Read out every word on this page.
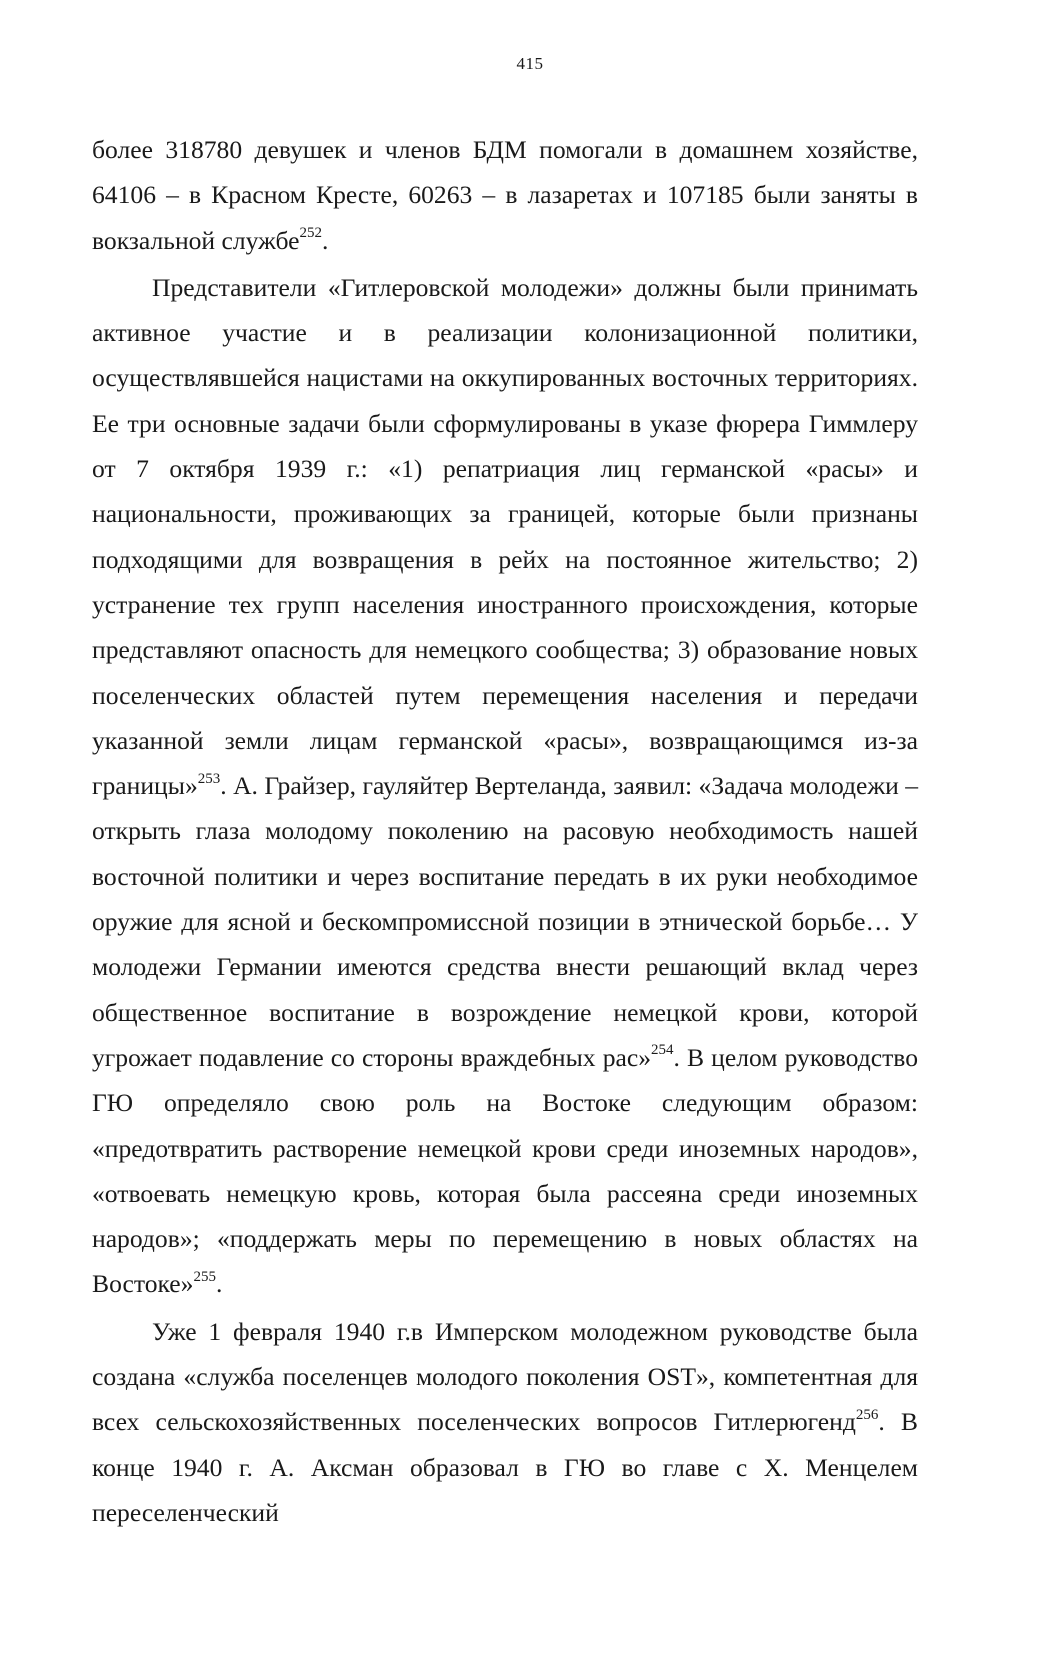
415

более 318780 девушек и членов БДМ помогали в домашнем хозяйстве, 64106 – в Красном Кресте, 60263 – в лазаретах и 107185 были заняты в вокзальной службе$^{252}$.

Представители «Гитлеровской молодежи» должны были принимать активное участие и в реализации колонизационной политики, осуществлявшейся нацистами на оккупированных восточных территориях. Ее три основные задачи были сформулированы в указе фюрера Гиммлеру от 7 октября 1939 г.: «1) репатриация лиц германской «расы» и национальности, проживающих за границей, которые были признаны подходящими для возвращения в рейх на постоянное жительство; 2) устранение тех групп населения иностранного происхождения, которые представляют опасность для немецкого сообщества; 3) образование новых поселенческих областей путем перемещения населения и передачи указанной земли лицам германской «расы», возвращающимся из-за границы»$^{253}$. А. Грайзер, гауляйтер Вертеланда, заявил: «Задача молодежи – открыть глаза молодому поколению на расовую необходимость нашей восточной политики и через воспитание передать в их руки необходимое оружие для ясной и бескомпромиссной позиции в этнической борьбе… У молодежи Германии имеются средства внести решающий вклад через общественное воспитание в возрождение немецкой крови, которой угрожает подавление со стороны враждебных рас»$^{254}$. В целом руководство ГЮ определяло свою роль на Востоке следующим образом: «предотвратить растворение немецкой крови среди иноземных народов», «отвоевать немецкую кровь, которая была рассеяна среди иноземных народов»; «поддержать меры по перемещению в новых областях на Востоке»$^{255}$.

Уже 1 февраля 1940 г.в Имперском молодежном руководстве была создана «служба поселенцев молодого поколения OST», компетентная для всех сельскохозяйственных поселенческих вопросов Гитлерюгенд$^{256}$. В конце 1940 г. А. Аксман образовал в ГЮ во главе с Х. Менцелем переселенческий
